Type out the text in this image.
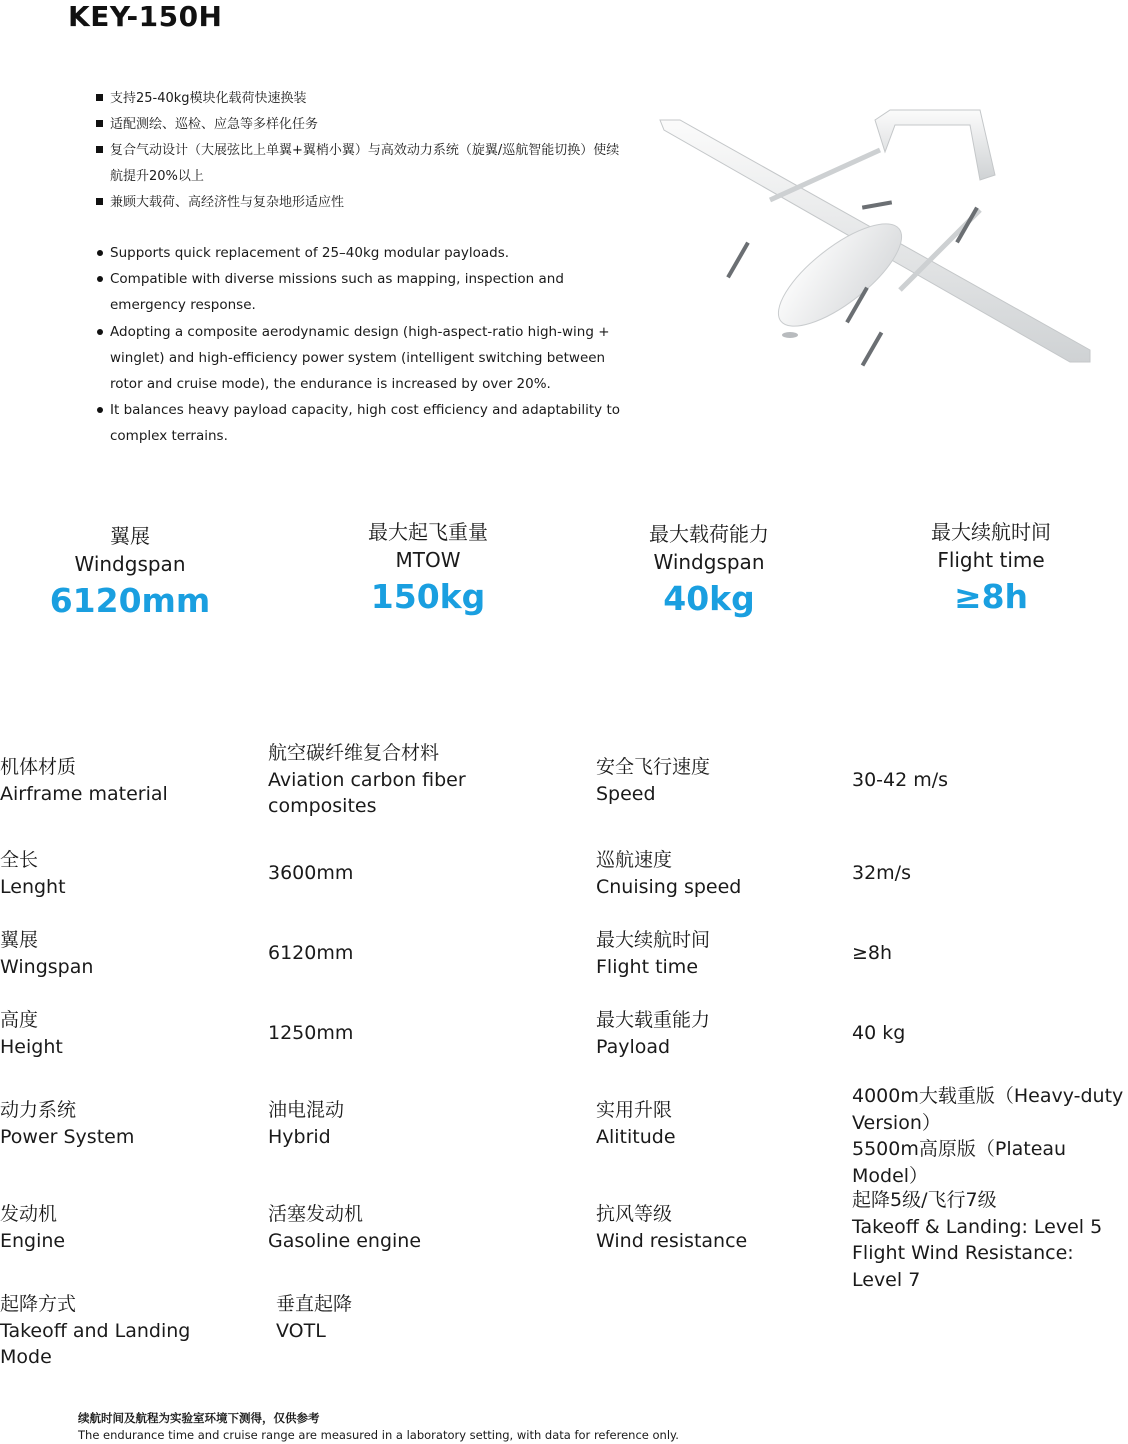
KEY-150H
支持25-40kg模块化载荷快速换装
适配测绘、巡检、应急等多样化任务
复合气动设计（大展弦比上单翼+翼梢小翼）与高效动力系统（旋翼/巡航智能切换）使续航提升20%以上
兼顾大载荷、高经济性与复杂地形适应性
Supports quick replacement of 25–40kg modular payloads.
Compatible with diverse missions such as mapping, inspection and emergency response.
Adopting a composite aerodynamic design (high-aspect-ratio high-wing + winglet) and high-efficiency power system (intelligent switching between rotor and cruise mode), the endurance is increased by over 20%.
It balances heavy payload capacity, high cost efficiency and adaptability to complex terrains.
翼展
Windgspan
6120mm
最大起飞重量
MTOW
150kg
最大载荷能力
Windgspan
40kg
最大续航时间
Flight time
≥8h
机体材质
Airframe material
航空碳纤维复合材料
Aviation carbon fiber
composites
安全飞行速度
Speed
30-42 m/s
全长
Lenght
3600mm
巡航速度
Cnuising speed
32m/s
翼展
Wingspan
6120mm
最大续航时间
Flight time
≥8h
高度
Height
1250mm
最大载重能力
Payload
40 kg
动力系统
Power System
油电混动
Hybrid
实用升限
Alititude
4000m大载重版（Heavy-duty
Version）
5500m高原版（Plateau Model）
发动机
Engine
活塞发动机
Gasoline engine
抗风等级
Wind resistance
起降5级/飞行7级
Takeoff & Landing: Level 5
Flight Wind Resistance: Level 7
起降方式
Takeoff and Landing
Mode
垂直起降
VOTL
续航时间及航程为实验室环境下测得，仅供参考
The endurance time and cruise range are measured in a laboratory setting, with data for reference only.
